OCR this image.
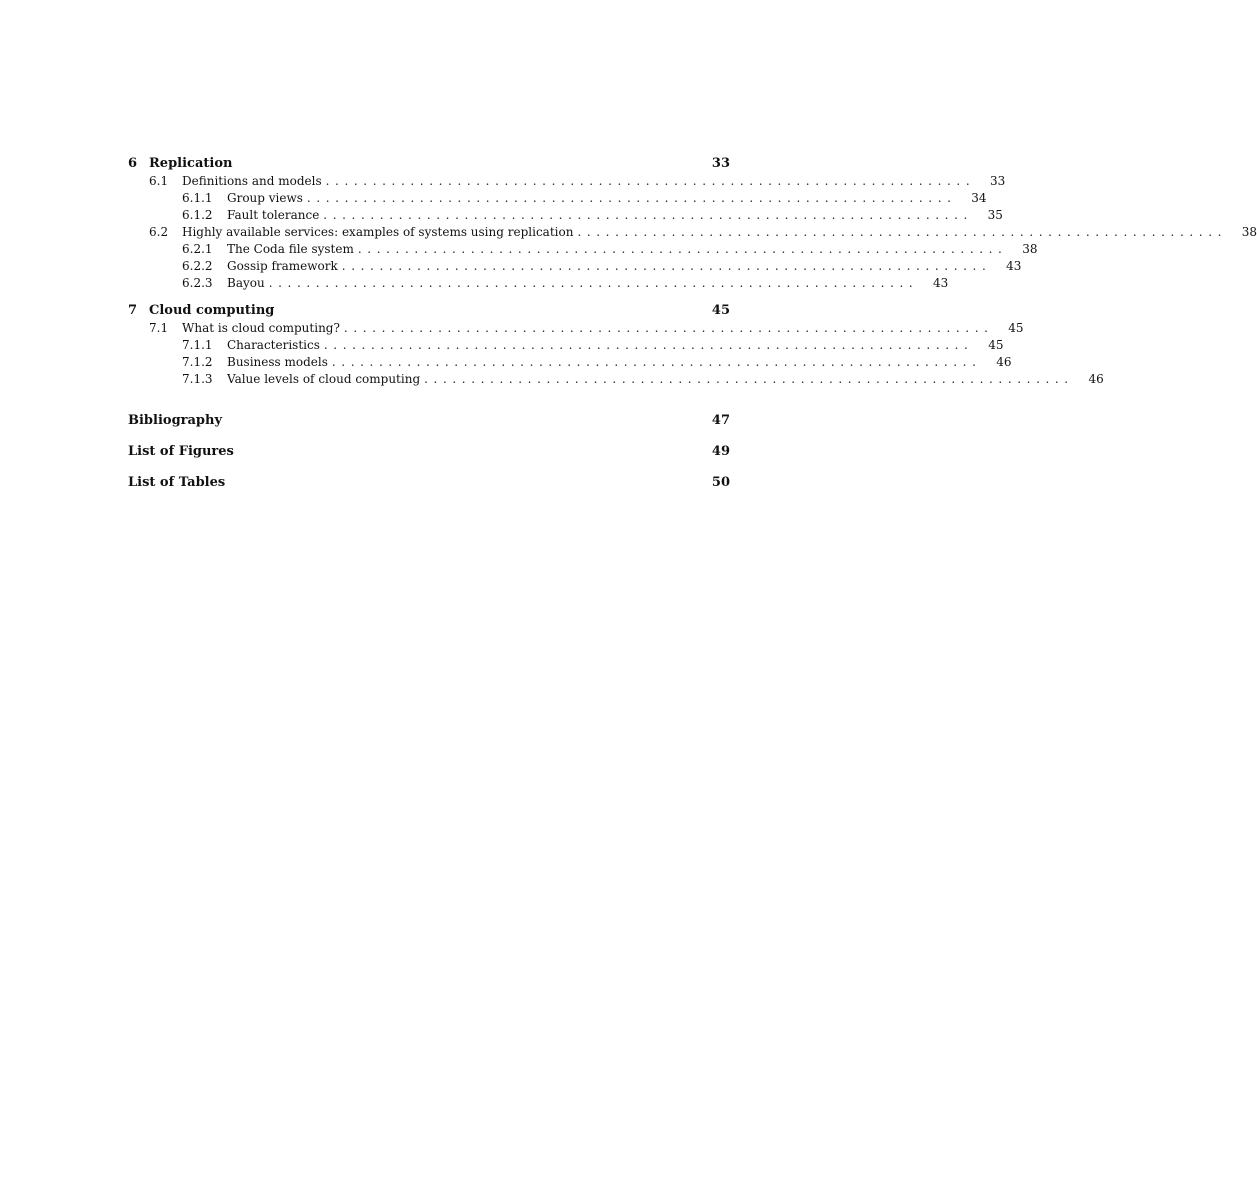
6 Replication	33
6.1	Definitions and models .....................................................................	33
6.1.1	Group views .....................................................................	34
6.1.2	Fault tolerance .....................................................................	35
6.2	Highly available services: examples of systems using replication .....................................................................	38
6.2.1	The Coda file system .....................................................................	38
6.2.2	Gossip framework .....................................................................	43
6.2.3	Bayou .....................................................................	43
7 Cloud computing	45
7.1	What is cloud computing? .....................................................................	45
7.1.1	Characteristics .....................................................................	45
7.1.2	Business models .....................................................................	46
7.1.3	Value levels of cloud computing .....................................................................	46
Bibliography	47
List of Figures	49
List of Tables	50
